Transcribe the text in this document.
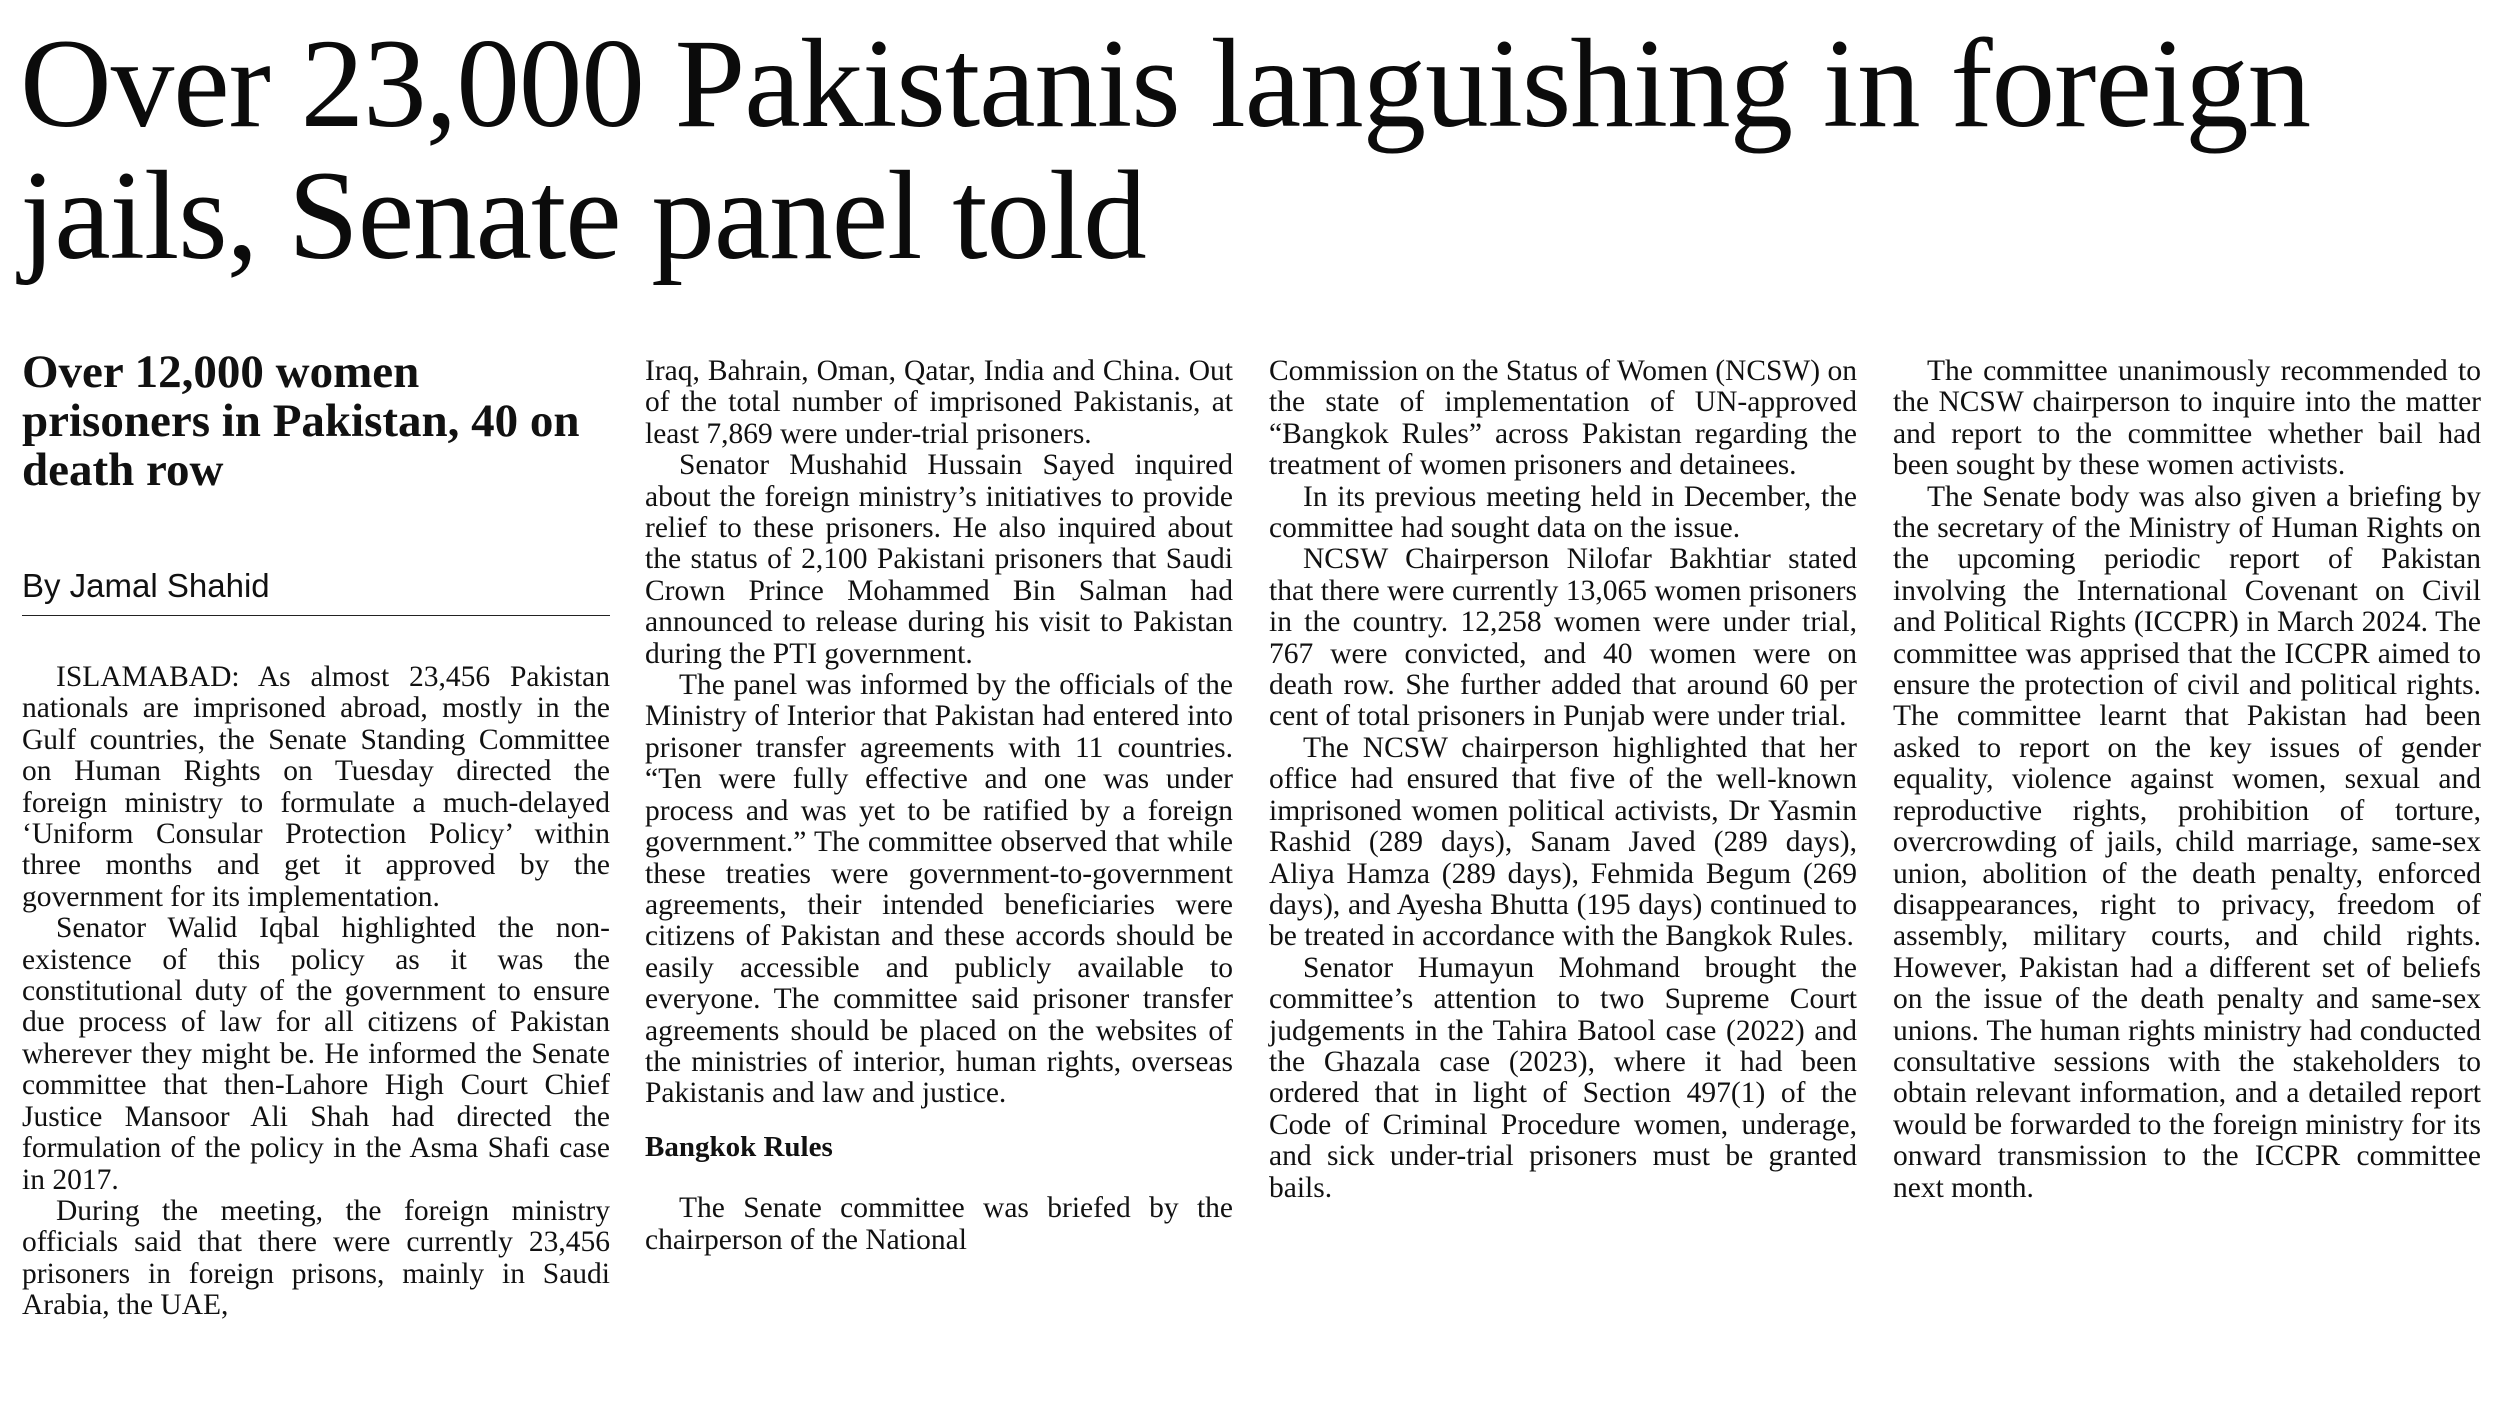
Over 23,000 Pakistanis languishing in foreign jails, Senate panel told
Over 12,000 women prisoners in Pakistan, 40 on death row
By Jamal Shahid

ISLAMABAD: As almost 23,456 Pakistan nationals are imprisoned abroad, mostly in the Gulf countries, the Senate Standing Committee on Human Rights on Tuesday directed the foreign ministry to formulate a much-delayed ‘Uniform Consular Protection Policy’ within three months and get it approved by the government for its implementation.

Senator Walid Iqbal highlighted the non-existence of this policy as it was the constitutional duty of the government to ensure due process of law for all citizens of Pakistan wherever they might be. He informed the Senate committee that then-Lahore High Court Chief Justice Mansoor Ali Shah had directed the formulation of the policy in the Asma Shafi case in 2017.

During the meeting, the foreign ministry officials said that there were currently 23,456 prisoners in foreign prisons, mainly in Saudi Arabia, the UAE,

Iraq, Bahrain, Oman, Qatar, India and China. Out of the total number of imprisoned Pakistanis, at least 7,869 were under-trial prisoners.

Senator Mushahid Hussain Sayed inquired about the foreign ministry’s initiatives to provide relief to these prisoners. He also inquired about the status of 2,100 Pakistani prisoners that Saudi Crown Prince Mohammed Bin Salman had announced to release during his visit to Pakistan during the PTI government.

The panel was informed by the officials of the Ministry of Interior that Pakistan had entered into prisoner transfer agreements with 11 countries. “Ten were fully effective and one was under process and was yet to be ratified by a foreign government.” The committee observed that while these treaties were government-to-government agreements, their intended beneficiaries were citizens of Pakistan and these accords should be easily accessible and publicly available to everyone. The committee said prisoner transfer agreements should be placed on the websites of the ministries of interior, human rights, overseas Pakistanis and law and justice.

Bangkok Rules

The Senate committee was briefed by the chairperson of the National

Commission on the Status of Women (NCSW) on the state of implementation of UN-approved “Bangkok Rules” across Pakistan regarding the treatment of women prisoners and detainees.

In its previous meeting held in December, the committee had sought data on the issue.

NCSW Chairperson Nilofar Bakhtiar stated that there were currently 13,065 women prisoners in the country. 12,258 women were under trial, 767 were convicted, and 40 women were on death row. She further added that around 60 per cent of total prisoners in Punjab were under trial.

The NCSW chairperson highlighted that her office had ensured that five of the well-known imprisoned women political activists, Dr Yasmin Rashid (289 days), Sanam Javed (289 days), Aliya Hamza (289 days), Fehmida Begum (269 days), and Ayesha Bhutta (195 days) continued to be treated in accordance with the Bangkok Rules.

Senator Humayun Mohmand brought the committee’s attention to two Supreme Court judgements in the Tahira Batool case (2022) and the Ghazala case (2023), where it had been ordered that in light of Section 497(1) of the Code of Criminal Procedure women, underage, and sick under-trial prisoners must be granted bails.

The committee unanimously recommended to the NCSW chairperson to inquire into the matter and report to the committee whether bail had been sought by these women activists.

The Senate body was also given a briefing by the secretary of the Ministry of Human Rights on the upcoming periodic report of Pakistan involving the International Covenant on Civil and Political Rights (ICCPR) in March 2024. The committee was apprised that the ICCPR aimed to ensure the protection of civil and political rights. The committee learnt that Pakistan had been asked to report on the key issues of gender equality, violence against women, sexual and reproductive rights, prohibition of torture, overcrowding of jails, child marriage, same-sex union, abolition of the death penalty, enforced disappearances, right to privacy, freedom of assembly, military courts, and child rights. However, Pakistan had a different set of beliefs on the issue of the death penalty and same-sex unions. The human rights ministry had conducted consultative sessions with the stakeholders to obtain relevant information, and a detailed report would be forwarded to the foreign ministry for its onward transmission to the ICCPR committee next month.
